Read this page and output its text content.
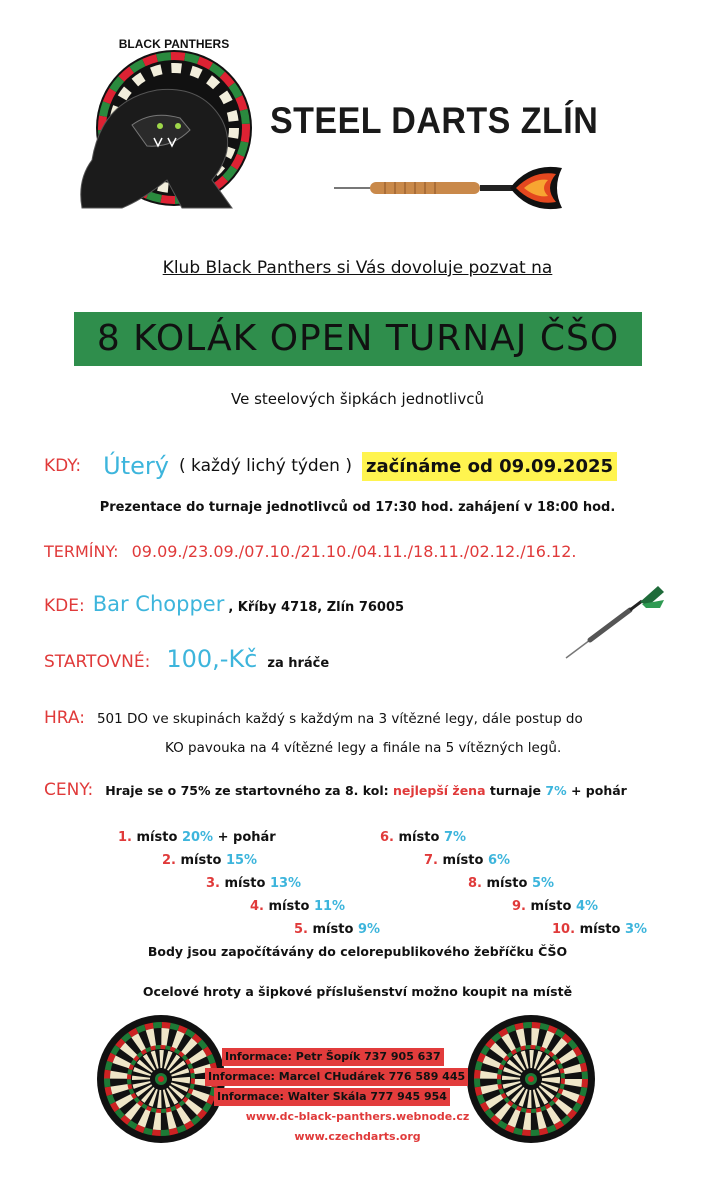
BLACK PANTHERS
STEEL DARTS ZLÍN
Klub Black Panthers si Vás dovoluje pozvat na
8 KOLÁK OPEN TURNAJ ČŠO
Ve steelových šipkách jednotlivců
KDY: Úterý ( každý lichý týden ) začínáme od 09.09.2025
Prezentace do turnaje jednotlivců od 17:30 hod. zahájení v 18:00 hod.
TERMÍNY: 09.09./23.09./07.10./21.10./04.11./18.11./02.12./16.12.
KDE: Bar Chopper , Kříby 4718, Zlín 76005
STARTOVNÉ: 100,-Kč za hráče
HRA: 501 DO ve skupinách každý s každým na 3 vítězné legy, dále postup do
KO pavouka na 4 vítězné legy a finále na 5 vítězných legů.
CENY: Hraje se o 75% ze startovného za 8. kol: nejlepší žena turnaje 7% + pohár
1. místo 20% + pohár
2. místo 15%
3. místo 13%
4. místo 11%
5. místo 9%
6. místo 7%
7. místo 6%
8. místo 5%
9. místo 4%
10. místo 3%
Body jsou započítávány do celorepublikového žebříčku ČŠO
Ocelové hroty a šipkové příslušenství možno koupit na místě
Informace: Petr Šopík 737 905 637
Informace: Marcel CHudárek 776 589 445
Informace: Walter Skála 777 945 954
www.dc-black-panthers.webnode.cz
www.czechdarts.org
